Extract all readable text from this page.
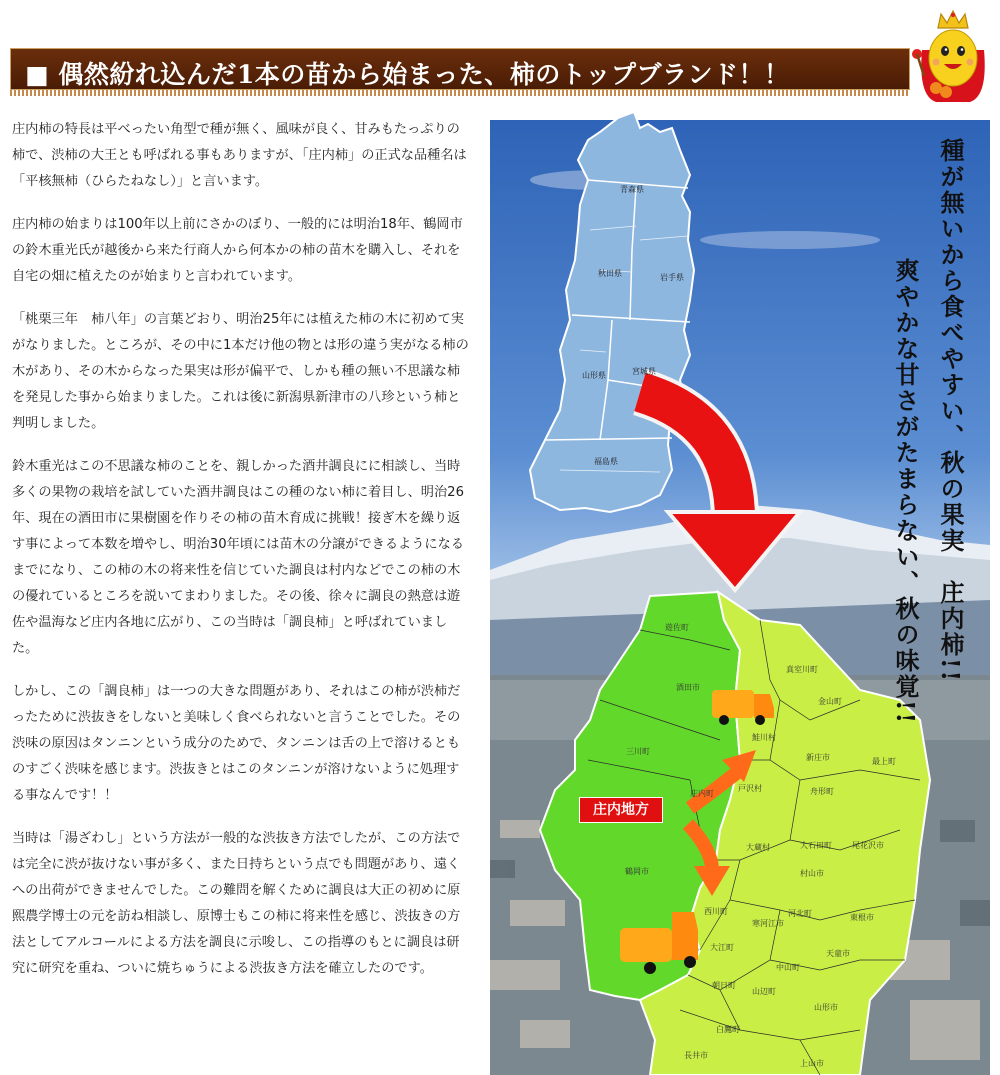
■ 偶然紛れ込んだ1本の苗から始まった、柿のトップブランド！！

庄内柿の特長は平べったい角型で種が無く、風味が良く、甘みもたっぷりの柿で、渋柿の大王とも呼ばれる事もありますが、「庄内柿」の正式な品種名は「平核無柿（ひらたねなし）」と言います。

庄内柿の始まりは100年以上前にさかのぼり、一般的には明治18年、鶴岡市の鈴木重光氏が越後から来た行商人から何本かの柿の苗木を購入し、それを自宅の畑に植えたのが始まりと言われています。

「桃栗三年　柿八年」の言葉どおり、明治25年には植えた柿の木に初めて実がなりました。ところが、その中に1本だけ他の物とは形の違う実がなる柿の木があり、その木からなった果実は形が偏平で、しかも種の無い不思議な柿を発見した事から始まりました。これは後に新潟県新津市の八珍という柿と判明しました。

鈴木重光はこの不思議な柿のことを、親しかった酒井調良にに相談し、当時多くの果物の栽培を試していた酒井調良はこの種のない柿に着目し、明治26年、現在の酒田市に果樹園を作りその柿の苗木育成に挑戦！接ぎ木を繰り返す事によって本数を増やし、明治30年頃には苗木の分譲ができるようになるまでになり、この柿の木の将来性を信じていた調良は村内などでこの柿の木の優れているところを説いてまわりました。その後、徐々に調良の熱意は遊佐や温海など庄内各地に広がり、この当時は「調良柿」と呼ばれていました。

しかし、この「調良柿」は一つの大きな問題があり、それはこの柿が渋柿だったために渋抜きをしないと美味しく食べられないと言うことでした。その渋味の原因はタンニンという成分のためで、タンニンは舌の上で溶けるとものすごく渋味を感じます。渋抜きとはこのタンニンが溶けないように処理する事なんです！！

当時は「湯ざわし」という方法が一般的な渋抜き方法でしたが、この方法では完全に渋が抜けない事が多く、また日持ちという点でも問題があり、遠くへの出荷ができませんでした。この難問を解くために調良は大正の初めに原熙農学博士の元を訪ね相談し、原博士もこの柿に将来性を感じ、渋抜きの方法としてアルコールによる方法を調良に示唆し、この指導のもとに調良は研究に研究を重ね、ついに焼ちゅうによる渋抜き方法を確立したのです。

青森県
秋田県	岩手県
山形県	宮城県
福島県	種が無いから食べやすい、秋の果実　庄内柿!!
爽やかな甘さがたまらない、秋の味覚!!
庄内地方
遊佐町
酒田市
三川町
庄内町
鶴岡市
真室川町
金山町
鮭川村
新庄市	最上町
戸沢村	舟形町
大蔵村	大石田町	尾花沢市
村山市
西川町
寒河江市
河北町	東根市
大江町
中山町
天童市
朝日町
山辺町
山形市
白鷹町
長井市
上山市
